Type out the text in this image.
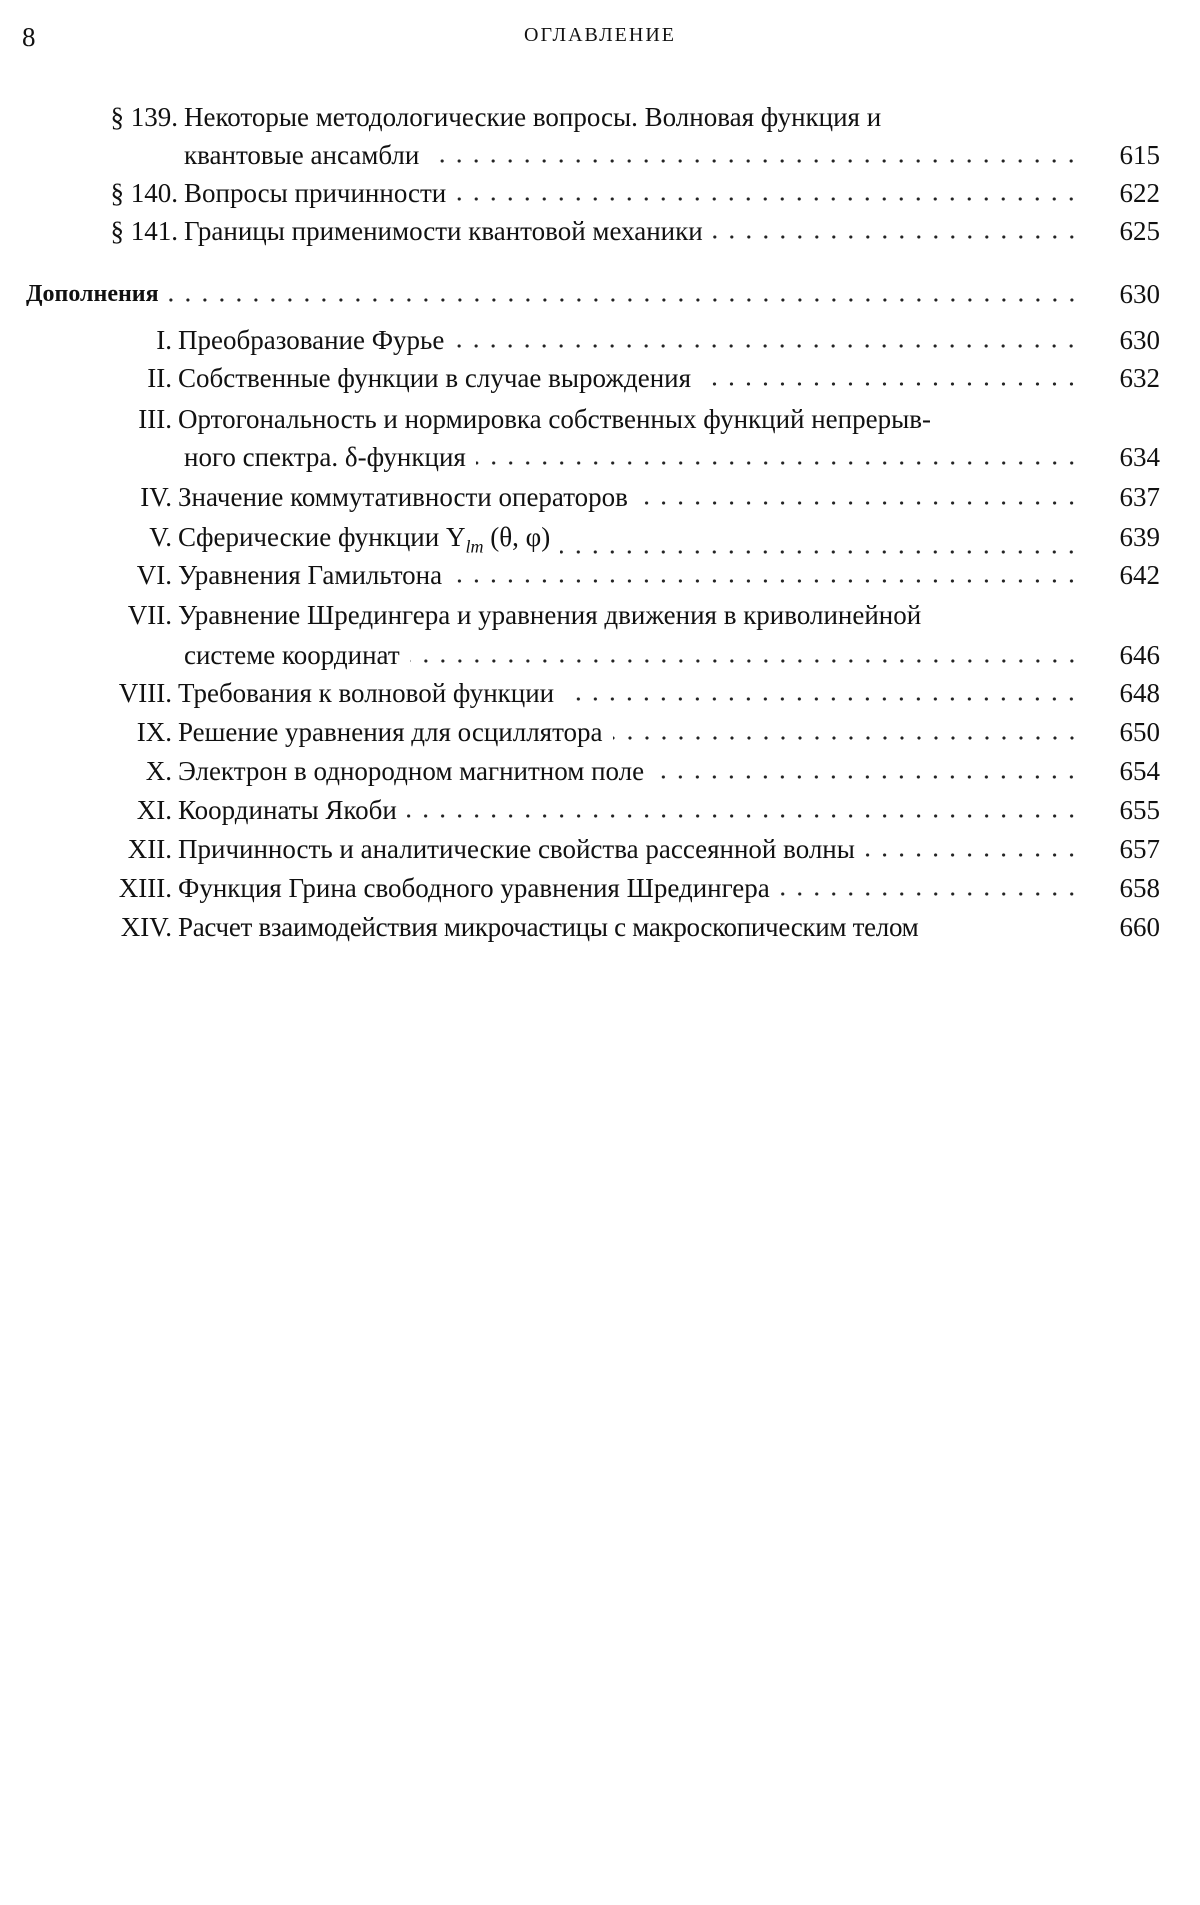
8	ОГЛАВЛЕНИЕ
§ 139. Некоторые методологические вопросы. Волновая функция и
квантовые ансамбли	615
§ 140. Вопросы причинности	622
§ 141. Границы применимости квантовой механики	625
Дополнения	630
I. Преобразование Фурье	630
II. Собственные функции в случае вырождения	632
III. Ортогональность и нормировка собственных функций непрерыв-
ного спектра. δ-функция	634
IV. Значение коммутативности операторов	637
V. Сферические функции $Y_{lm}$ (θ, φ)	639
VI. Уравнения Гамильтона	642
VII. Уравнение Шредингера и уравнения движения в криволинейной
системе координат	646
VIII. Требования к волновой функции	648
IX. Решение уравнения для осциллятора	650
X. Электрон в однородном магнитном поле	654
XI. Координаты Якоби	655
XII. Причинность и аналитические свойства рассеянной волны	657
XIII. Функция Грина свободного уравнения Шредингера	658
XIV. Расчет взаимодействия микрочастицы с макроскопическим телом	660
